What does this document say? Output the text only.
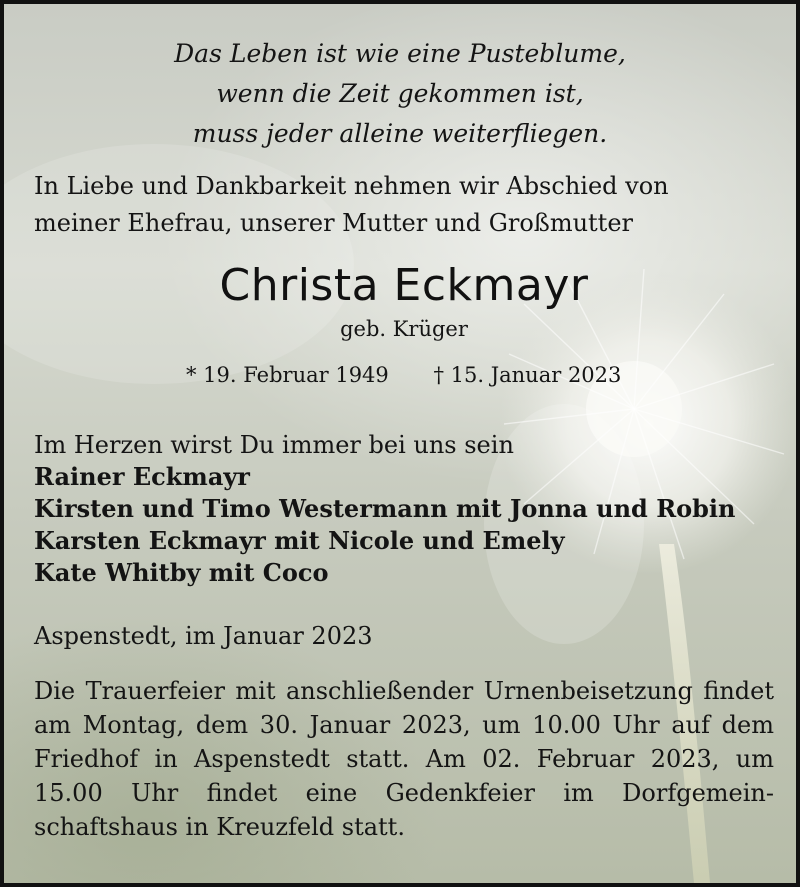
Das Leben ist wie eine Pusteblume,
wenn die Zeit gekommen ist,
muss jeder alleine weiterfliegen.
In Liebe und Dankbarkeit nehmen wir Abschied von
meiner Ehefrau, unserer Mutter und Großmutter
Christa Eckmayr
geb. Krüger
* 19. Februar 1949 † 15. Januar 2023
Im Herzen wirst Du immer bei uns sein
Rainer Eckmayr
Kirsten und Timo Westermann mit Jonna und Robin
Karsten Eckmayr mit Nicole und Emely
Kate Whitby mit Coco
Aspenstedt, im Januar 2023
Die Trauerfeier mit anschließender Urnenbeisetzung findet
am Montag, dem 30. Januar 2023, um 10.00 Uhr auf dem
Friedhof in Aspenstedt statt. Am 02. Februar 2023, um
15.00 Uhr findet eine Gedenkfeier im Dorfgemein-
schaftshaus in Kreuzfeld statt.
